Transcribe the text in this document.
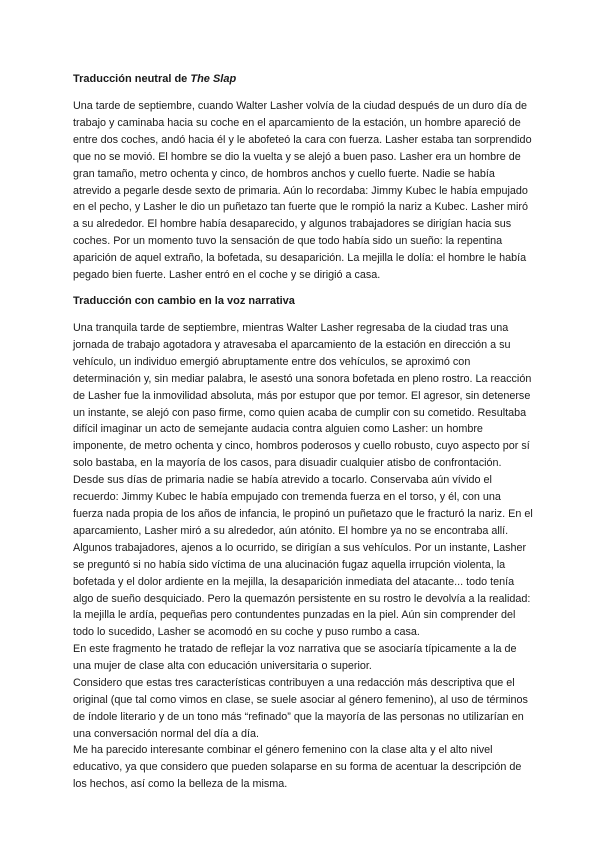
Traducción neutral de The Slap

Una tarde de septiembre, cuando Walter Lasher volvía de la ciudad después de un duro día de trabajo y caminaba hacia su coche en el aparcamiento de la estación, un hombre apareció de entre dos coches, andó hacia él y le abofeteó la cara con fuerza. Lasher estaba tan sorprendido que no se movió. El hombre se dio la vuelta y se alejó a buen paso. Lasher era un hombre de gran tamaño, metro ochenta y cinco, de hombros anchos y cuello fuerte. Nadie se había atrevido a pegarle desde sexto de primaria. Aún lo recordaba: Jimmy Kubec le había empujado en el pecho, y Lasher le dio un puñetazo tan fuerte que le rompió la nariz a Kubec. Lasher miró a su alrededor. El hombre había desaparecido, y algunos trabajadores se dirigían hacia sus coches. Por un momento tuvo la sensación de que todo había sido un sueño: la repentina aparición de aquel extraño, la bofetada, su desaparición. La mejilla le dolía: el hombre le había pegado bien fuerte. Lasher entró en el coche y se dirigió a casa.

Traducción con cambio en la voz narrativa

Una tranquila tarde de septiembre, mientras Walter Lasher regresaba de la ciudad tras una jornada de trabajo agotadora y atravesaba el aparcamiento de la estación en dirección a su vehículo, un individuo emergió abruptamente entre dos vehículos, se aproximó con determinación y, sin mediar palabra, le asestó una sonora bofetada en pleno rostro. La reacción de Lasher fue la inmovilidad absoluta, más por estupor que por temor. El agresor, sin detenerse un instante, se alejó con paso firme, como quien acaba de cumplir con su cometido. Resultaba difícil imaginar un acto de semejante audacia contra alguien como Lasher: un hombre imponente, de metro ochenta y cinco, hombros poderosos y cuello robusto, cuyo aspecto por sí solo bastaba, en la mayoría de los casos, para disuadir cualquier atisbo de confrontación. Desde sus días de primaria nadie se había atrevido a tocarlo. Conservaba aún vívido el recuerdo: Jimmy Kubec le había empujado con tremenda fuerza en el torso, y él, con una fuerza nada propia de los años de infancia, le propinó un puñetazo que le fracturó la nariz. En el aparcamiento, Lasher miró a su alrededor, aún atónito. El hombre ya no se encontraba allí. Algunos trabajadores, ajenos a lo ocurrido, se dirigían a sus vehículos. Por un instante, Lasher se preguntó si no había sido víctima de una alucinación fugaz aquella irrupción violenta, la bofetada y el dolor ardiente en la mejilla, la desaparición inmediata del atacante... todo tenía algo de sueño desquiciado. Pero la quemazón persistente en su rostro le devolvía a la realidad: la mejilla le ardía, pequeñas pero contundentes punzadas en la piel. Aún sin comprender del todo lo sucedido, Lasher se acomodó en su coche y puso rumbo a casa.

En este fragmento he tratado de reflejar la voz narrativa que se asociaría típicamente a la de una mujer de clase alta con educación universitaria o superior.
Considero que estas tres características contribuyen a una redacción más descriptiva que el original (que tal como vimos en clase, se suele asociar al género femenino), al uso de términos de índole literario y de un tono más “refinado” que la mayoría de las personas no utilizarían en una conversación normal del día a día.
Me ha parecido interesante combinar el género femenino con la clase alta y el alto nivel educativo, ya que considero que pueden solaparse en su forma de acentuar la descripción de los hechos, así como la belleza de la misma.
